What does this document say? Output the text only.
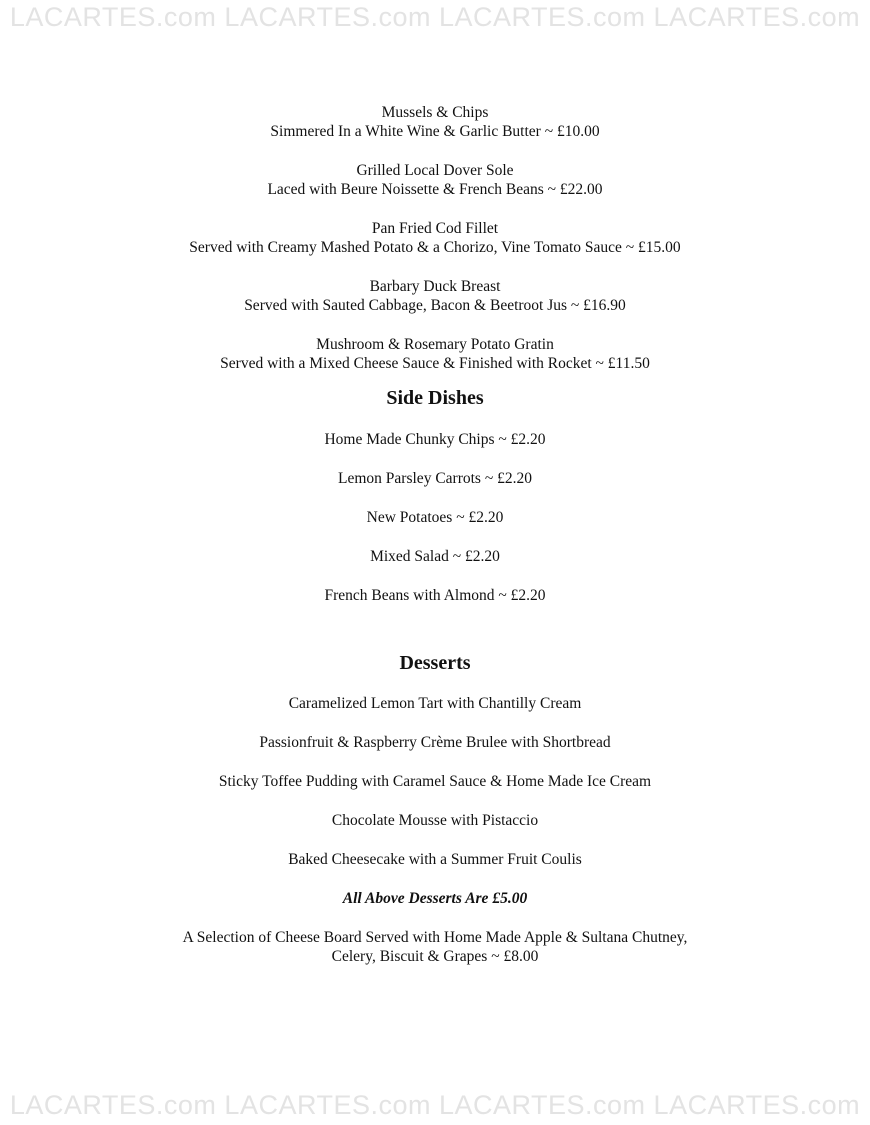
LACARTES.com LACARTES.com LACARTES.com LACARTES.com
Mussels & Chips
Simmered In a White Wine & Garlic Butter ~ £10.00
Grilled Local Dover Sole
Laced with Beure Noissette & French Beans ~ £22.00
Pan Fried Cod Fillet
Served with Creamy Mashed Potato & a Chorizo, Vine Tomato Sauce ~ £15.00
Barbary Duck Breast
Served with Sauted Cabbage, Bacon & Beetroot Jus ~ £16.90
Mushroom & Rosemary Potato Gratin
Served with a Mixed Cheese Sauce & Finished with Rocket ~ £11.50
Side Dishes
Home Made Chunky Chips ~ £2.20
Lemon Parsley Carrots ~ £2.20
New Potatoes ~ £2.20
Mixed Salad ~ £2.20
French Beans with Almond ~ £2.20
Desserts
Caramelized Lemon Tart with Chantilly Cream
Passionfruit & Raspberry Crème Brulee with Shortbread
Sticky Toffee Pudding with Caramel Sauce & Home Made Ice Cream
Chocolate Mousse with Pistaccio
Baked Cheesecake with a Summer Fruit Coulis
All Above Desserts Are £5.00
A Selection of Cheese Board Served with Home Made Apple & Sultana Chutney,
Celery, Biscuit & Grapes ~ £8.00
LACARTES.com LACARTES.com LACARTES.com LACARTES.com
